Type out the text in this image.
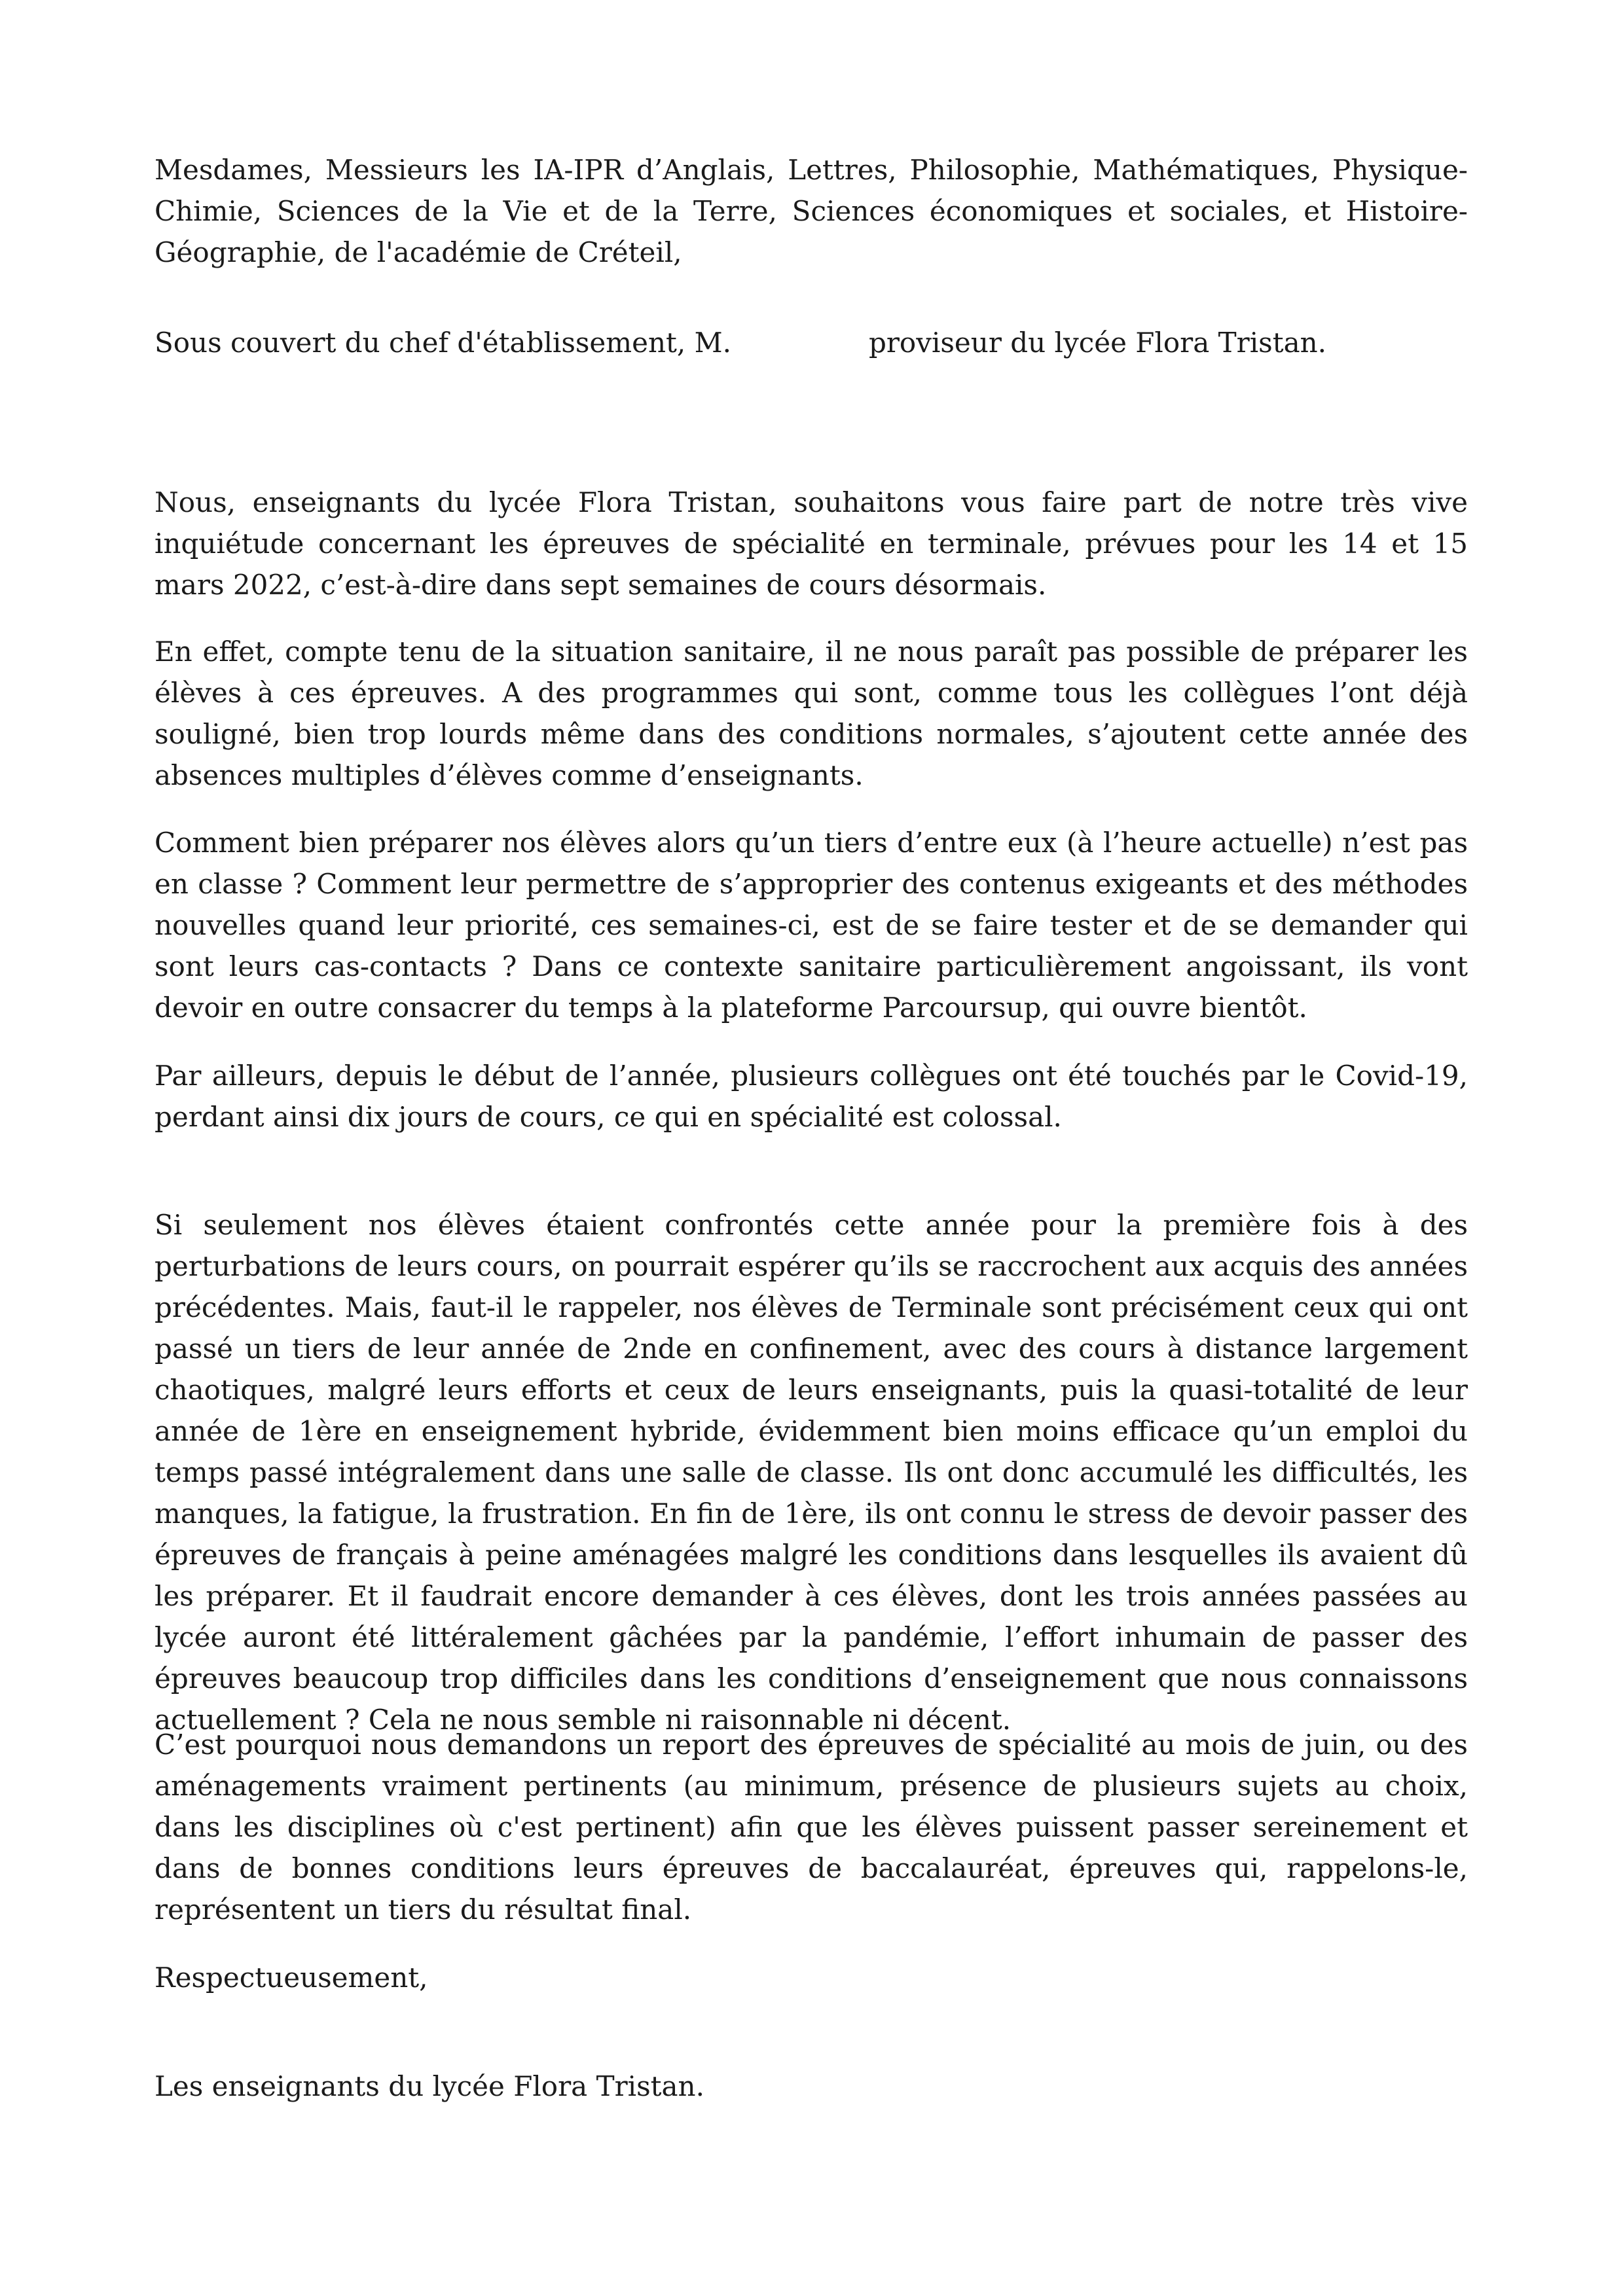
Mesdames, Messieurs les IA-IPR d’Anglais, Lettres, Philosophie, Mathématiques, Physique-Chimie, Sciences de la Vie et de la Terre, Sciences économiques et sociales, et Histoire-Géographie, de l'académie de Créteil,
Sous couvert du chef d'établissement, M.	proviseur du lycée Flora Tristan.
Nous, enseignants du lycée Flora Tristan, souhaitons vous faire part de notre très vive inquiétude concernant les épreuves de spécialité en terminale, prévues pour les 14 et 15 mars 2022, c’est-à-dire dans sept semaines de cours désormais.
En effet, compte tenu de la situation sanitaire, il ne nous paraît pas possible de préparer les élèves à ces épreuves. A des programmes qui sont, comme tous les collègues l’ont déjà souligné, bien trop lourds même dans des conditions normales, s’ajoutent cette année des absences multiples d’élèves comme d’enseignants.
Comment bien préparer nos élèves alors qu’un tiers d’entre eux (à l’heure actuelle) n’est pas en classe ? Comment leur permettre de s’approprier des contenus exigeants et des méthodes nouvelles quand leur priorité, ces semaines-ci, est de se faire tester et de se demander qui sont leurs cas-contacts ? Dans ce contexte sanitaire particulièrement angoissant, ils vont devoir en outre consacrer du temps à la plateforme Parcoursup, qui ouvre bientôt.
Par ailleurs, depuis le début de l’année, plusieurs collègues ont été touchés par le Covid-19, perdant ainsi dix jours de cours, ce qui en spécialité est colossal.
Si seulement nos élèves étaient confrontés cette année pour la première fois à des perturbations de leurs cours, on pourrait espérer qu’ils se raccrochent aux acquis des années précédentes. Mais, faut-il le rappeler, nos élèves de Terminale sont précisément ceux qui ont passé un tiers de leur année de 2nde en confinement, avec des cours à distance largement chaotiques, malgré leurs efforts et ceux de leurs enseignants, puis la quasi-totalité de leur année de 1ère en enseignement hybride, évidemment bien moins efficace qu’un emploi du temps passé intégralement dans une salle de classe. Ils ont donc accumulé les difficultés, les manques, la fatigue, la frustration. En fin de 1ère, ils ont connu le stress de devoir passer des épreuves de français à peine aménagées malgré les conditions dans lesquelles ils avaient dû les préparer. Et il faudrait encore demander à ces élèves, dont les trois années passées au lycée auront été littéralement gâchées par la pandémie, l’effort inhumain de passer des épreuves beaucoup trop difficiles dans les conditions d’enseignement que nous connaissons actuellement ? Cela ne nous semble ni raisonnable ni décent.
C’est pourquoi nous demandons un report des épreuves de spécialité au mois de juin, ou des aménagements vraiment pertinents (au minimum, présence de plusieurs sujets au choix, dans les disciplines où c'est pertinent) afin que les élèves puissent passer sereinement et dans de bonnes conditions leurs épreuves de baccalauréat, épreuves qui, rappelons-le, représentent un tiers du résultat final.
Respectueusement,
Les enseignants du lycée Flora Tristan.
